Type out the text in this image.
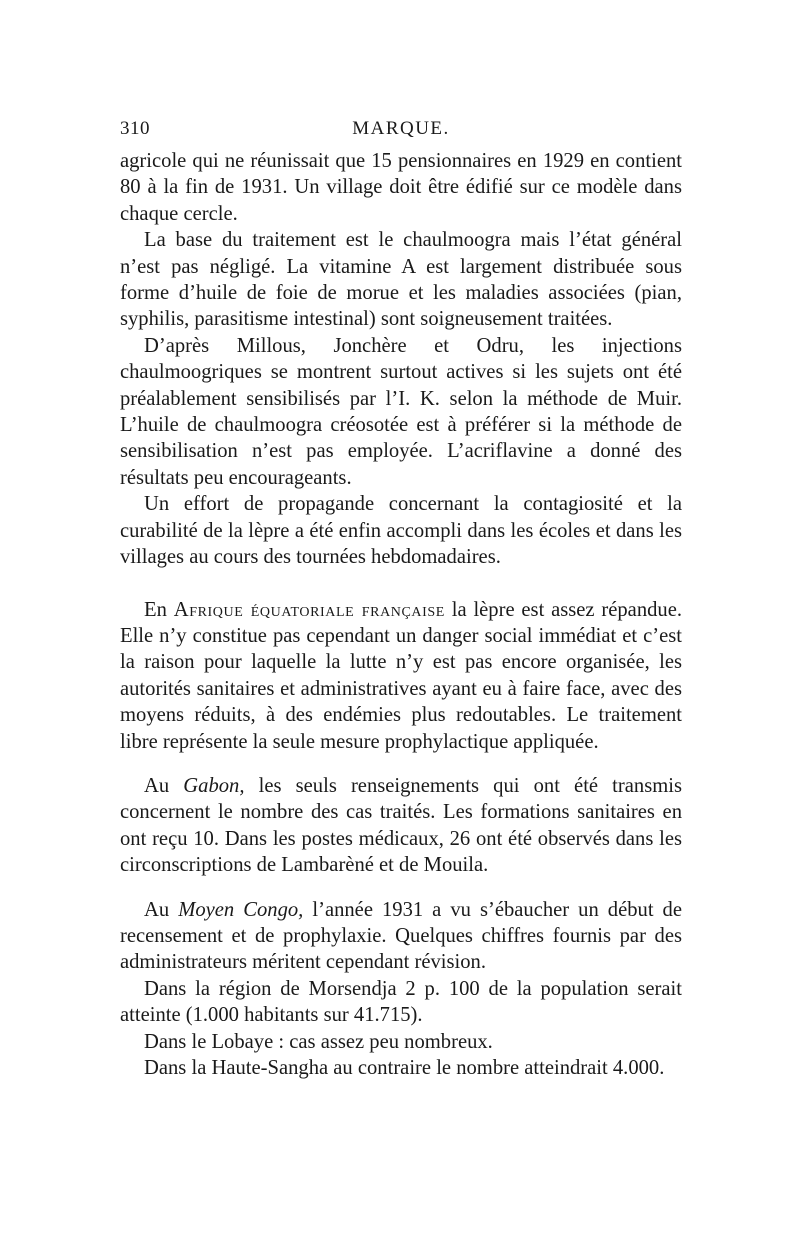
310	MARQUE.

agricole qui ne réunissait que 15 pensionnaires en 1929 en contient 80 à la fin de 1931. Un village doit être édifié sur ce modèle dans chaque cercle.

La base du traitement est le chaulmoogra mais l’état général n’est pas négligé. La vitamine A est largement distribuée sous forme d’huile de foie de morue et les maladies associées (pian, syphilis, parasitisme intestinal) sont soigneusement traitées.

D’après Millous, Jonchère et Odru, les injections chaulmoogriques se montrent surtout actives si les sujets ont été préalablement sensibilisés par l’I. K. selon la méthode de Muir. L’huile de chaulmoogra créosotée est à préférer si la méthode de sensibilisation n’est pas employée. L’acriflavine a donné des résultats peu encourageants.

Un effort de propagande concernant la contagiosité et la curabilité de la lèpre a été enfin accompli dans les écoles et dans les villages au cours des tournées hebdomadaires.

En Afrique équatoriale française la lèpre est assez répandue. Elle n’y constitue pas cependant un danger social immédiat et c’est la raison pour laquelle la lutte n’y est pas encore organisée, les autorités sanitaires et administratives ayant eu à faire face, avec des moyens réduits, à des endémies plus redoutables. Le traitement libre représente la seule mesure prophylactique appliquée.

Au Gabon, les seuls renseignements qui ont été transmis concernent le nombre des cas traités. Les formations sanitaires en ont reçu 10. Dans les postes médicaux, 26 ont été observés dans les circonscriptions de Lambarèné et de Mouila.

Au Moyen Congo, l’année 1931 a vu s’ébaucher un début de recensement et de prophylaxie. Quelques chiffres fournis par des administrateurs méritent cependant révision.

Dans la région de Morsendja 2 p. 100 de la population serait atteinte (1.000 habitants sur 41.715).

Dans le Lobaye : cas assez peu nombreux.

Dans la Haute-Sangha au contraire le nombre atteindrait 4.000.
